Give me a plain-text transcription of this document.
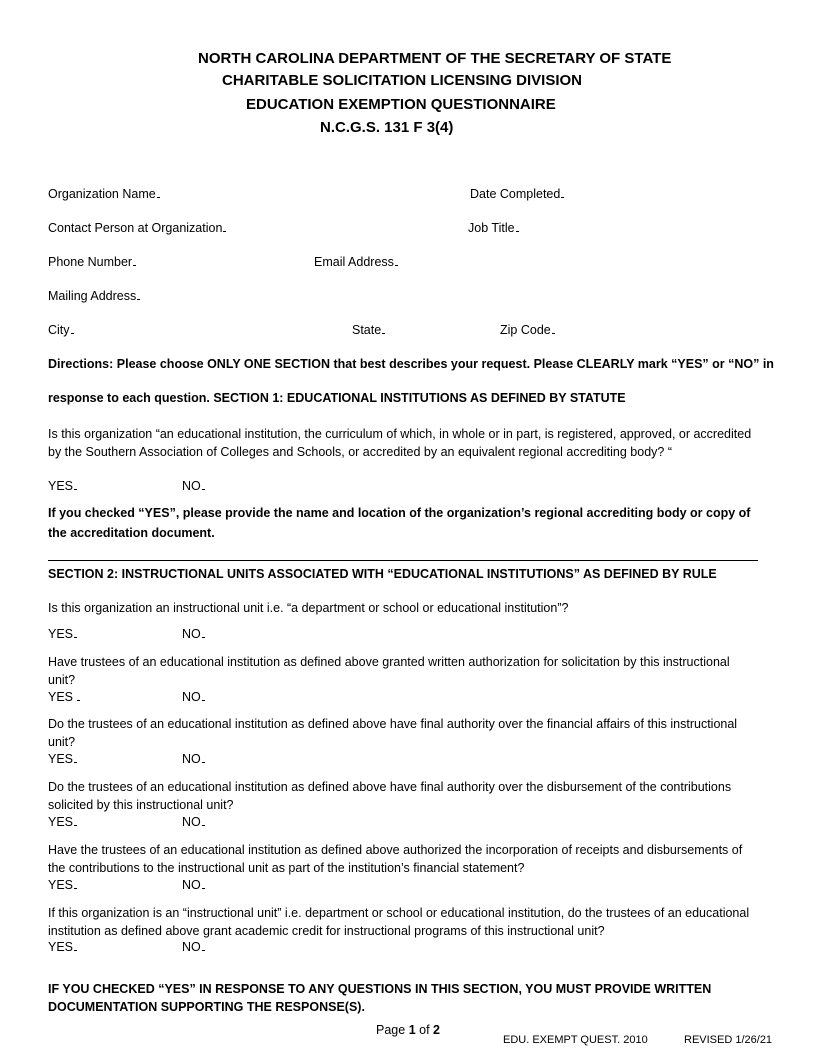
NORTH CAROLINA DEPARTMENT OF THE SECRETARY OF STATE
CHARITABLE SOLICITATION LICENSING DIVISION
EDUCATION EXEMPTION QUESTIONNAIRE
N.C.G.S. 131 F 3(4)
Organization Name	Date Completed
Contact Person at Organization	Job Title
Phone Number	Email Address
Mailing Address
City	State	Zip Code
Directions: Please choose ONLY ONE SECTION that best describes your request. Please CLEARLY mark “YES” or “NO” in
response to each question. SECTION 1: EDUCATIONAL INSTITUTIONS AS DEFINED BY STATUTE
Is this organization “an educational institution, the curriculum of which, in whole or in part, is registered, approved, or accredited by the Southern Association of Colleges and Schools, or accredited by an equivalent regional accrediting body? “
YES	NO
If you checked “YES”, please provide the name and location of the organization’s regional accrediting body or copy of the accreditation document.
SECTION 2: INSTRUCTIONAL UNITS ASSOCIATED WITH “EDUCATIONAL INSTITUTIONS” AS DEFINED BY RULE
Is this organization an instructional unit i.e. “a department or school or educational institution”?
YES	NO
Have trustees of an educational institution as defined above granted written authorization for solicitation by this instructional unit?
YES	NO
Do the trustees of an educational institution as defined above have final authority over the financial affairs of this instructional unit?
YES	NO
Do the trustees of an educational institution as defined above have final authority over the disbursement of the contributions solicited by this instructional unit?
YES	NO
Have the trustees of an educational institution as defined above authorized the incorporation of receipts and disbursements of the contributions to the instructional unit as part of the institution’s financial statement?
YES	NO
If this organization is an “instructional unit” i.e. department or school or educational institution, do the trustees of an educational institution as defined above grant academic credit for instructional programs of this instructional unit?
YES	NO
IF YOU CHECKED “YES” IN RESPONSE TO ANY QUESTIONS IN THIS SECTION, YOU MUST PROVIDE WRITTEN DOCUMENTATION SUPPORTING THE RESPONSE(S).
Page 1 of 2
EDU. EXEMPT QUEST. 2010	REVISED 1/26/21
